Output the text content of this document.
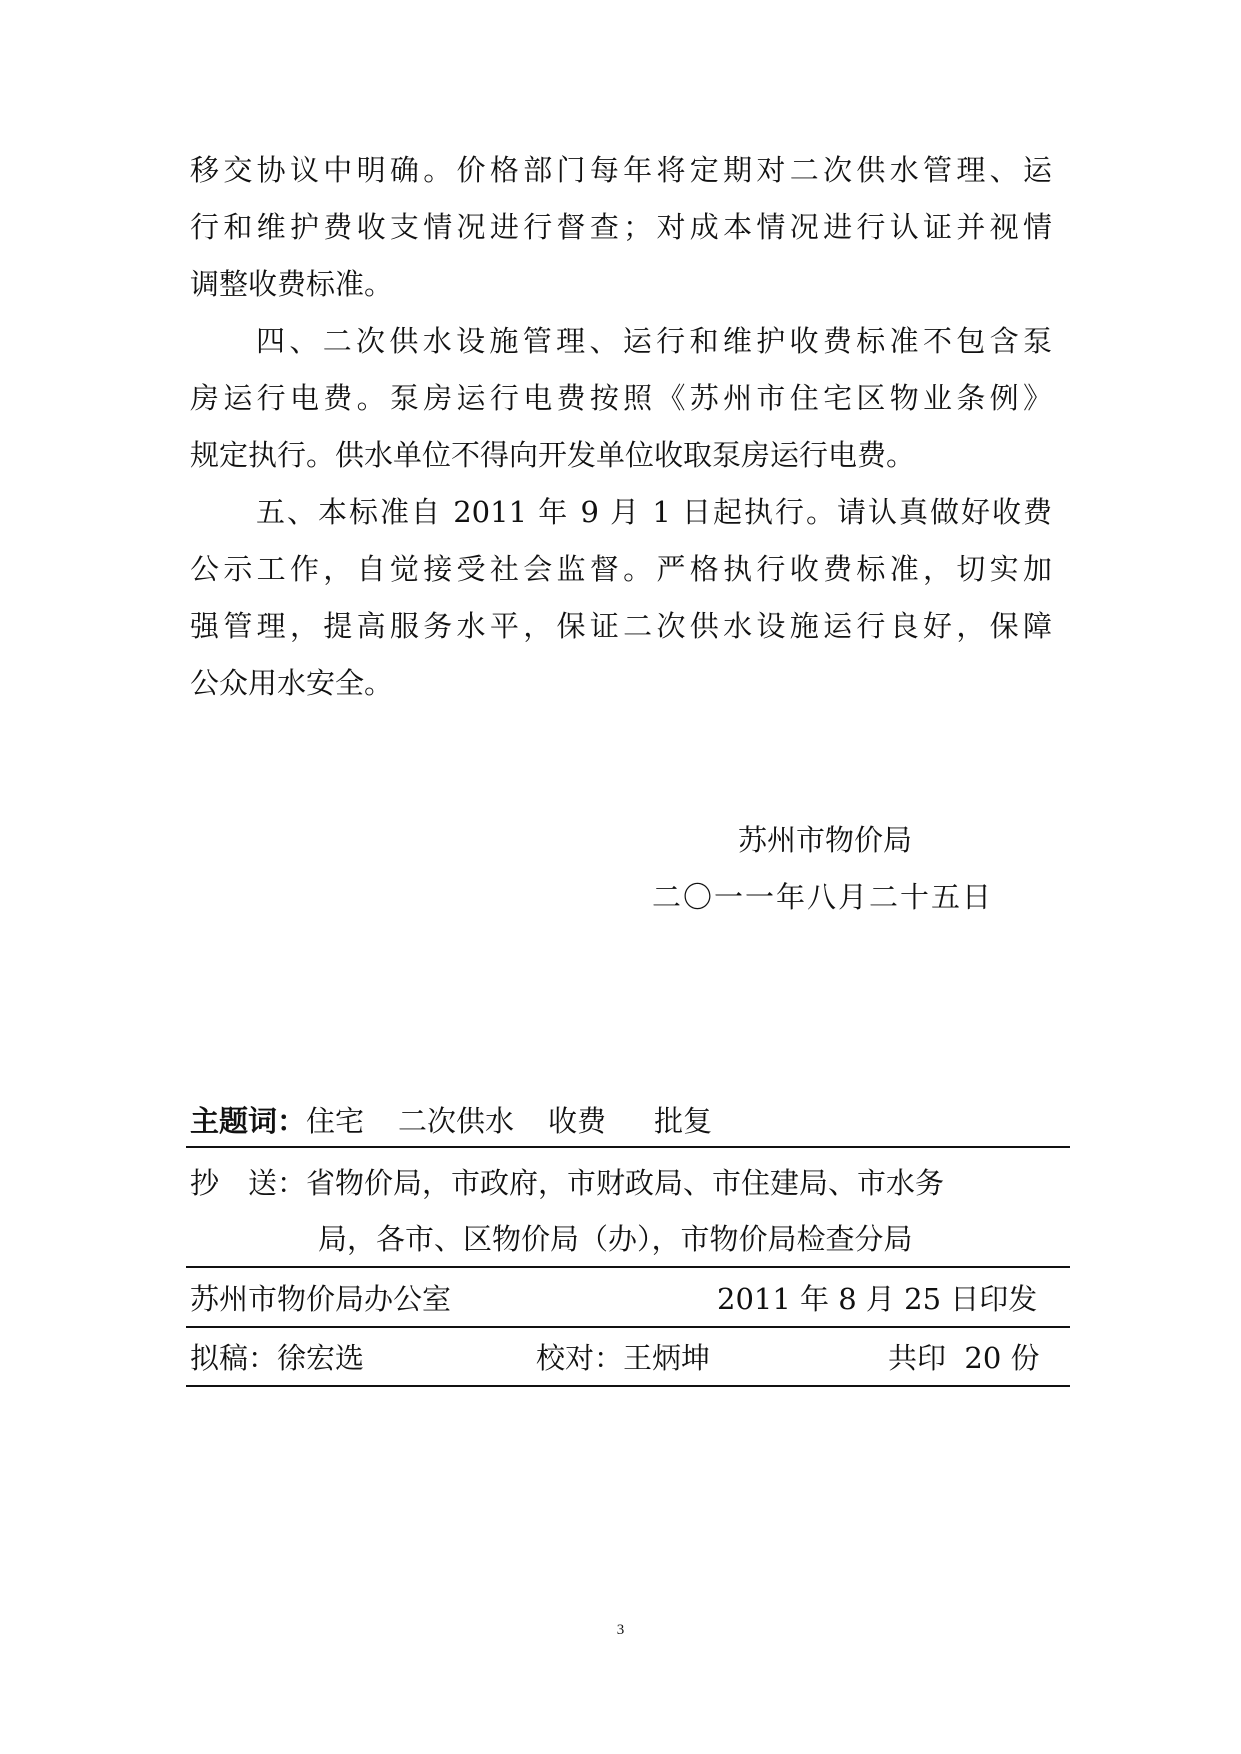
移交协议中明确。价格部门每年将定期对二次供水管理、运
行和维护费收支情况进行督查；对成本情况进行认证并视情
调整收费标准。
四、二次供水设施管理、运行和维护收费标准不包含泵
房运行电费。泵房运行电费按照《苏州市住宅区物业条例》
规定执行。供水单位不得向开发单位收取泵房运行电费。
五、本标准自 2011 年 9 月 1 日起执行。请认真做好收费
公示工作，自觉接受社会监督。严格执行收费标准，切实加
强管理，提高服务水平，保证二次供水设施运行良好，保障
公众用水安全。
苏州市物价局
二〇一一年八月二十五日
主题词：住宅 二次供水 收费 批复
抄　送：省物价局，市政府，市财政局、市住建局、市水务
局，各市、区物价局（办），市物价局检查分局
苏州市物价局办公室	2011 年 8 月 25 日印发
拟稿：徐宏选	校对：王炳坤	共印  20 份
3
